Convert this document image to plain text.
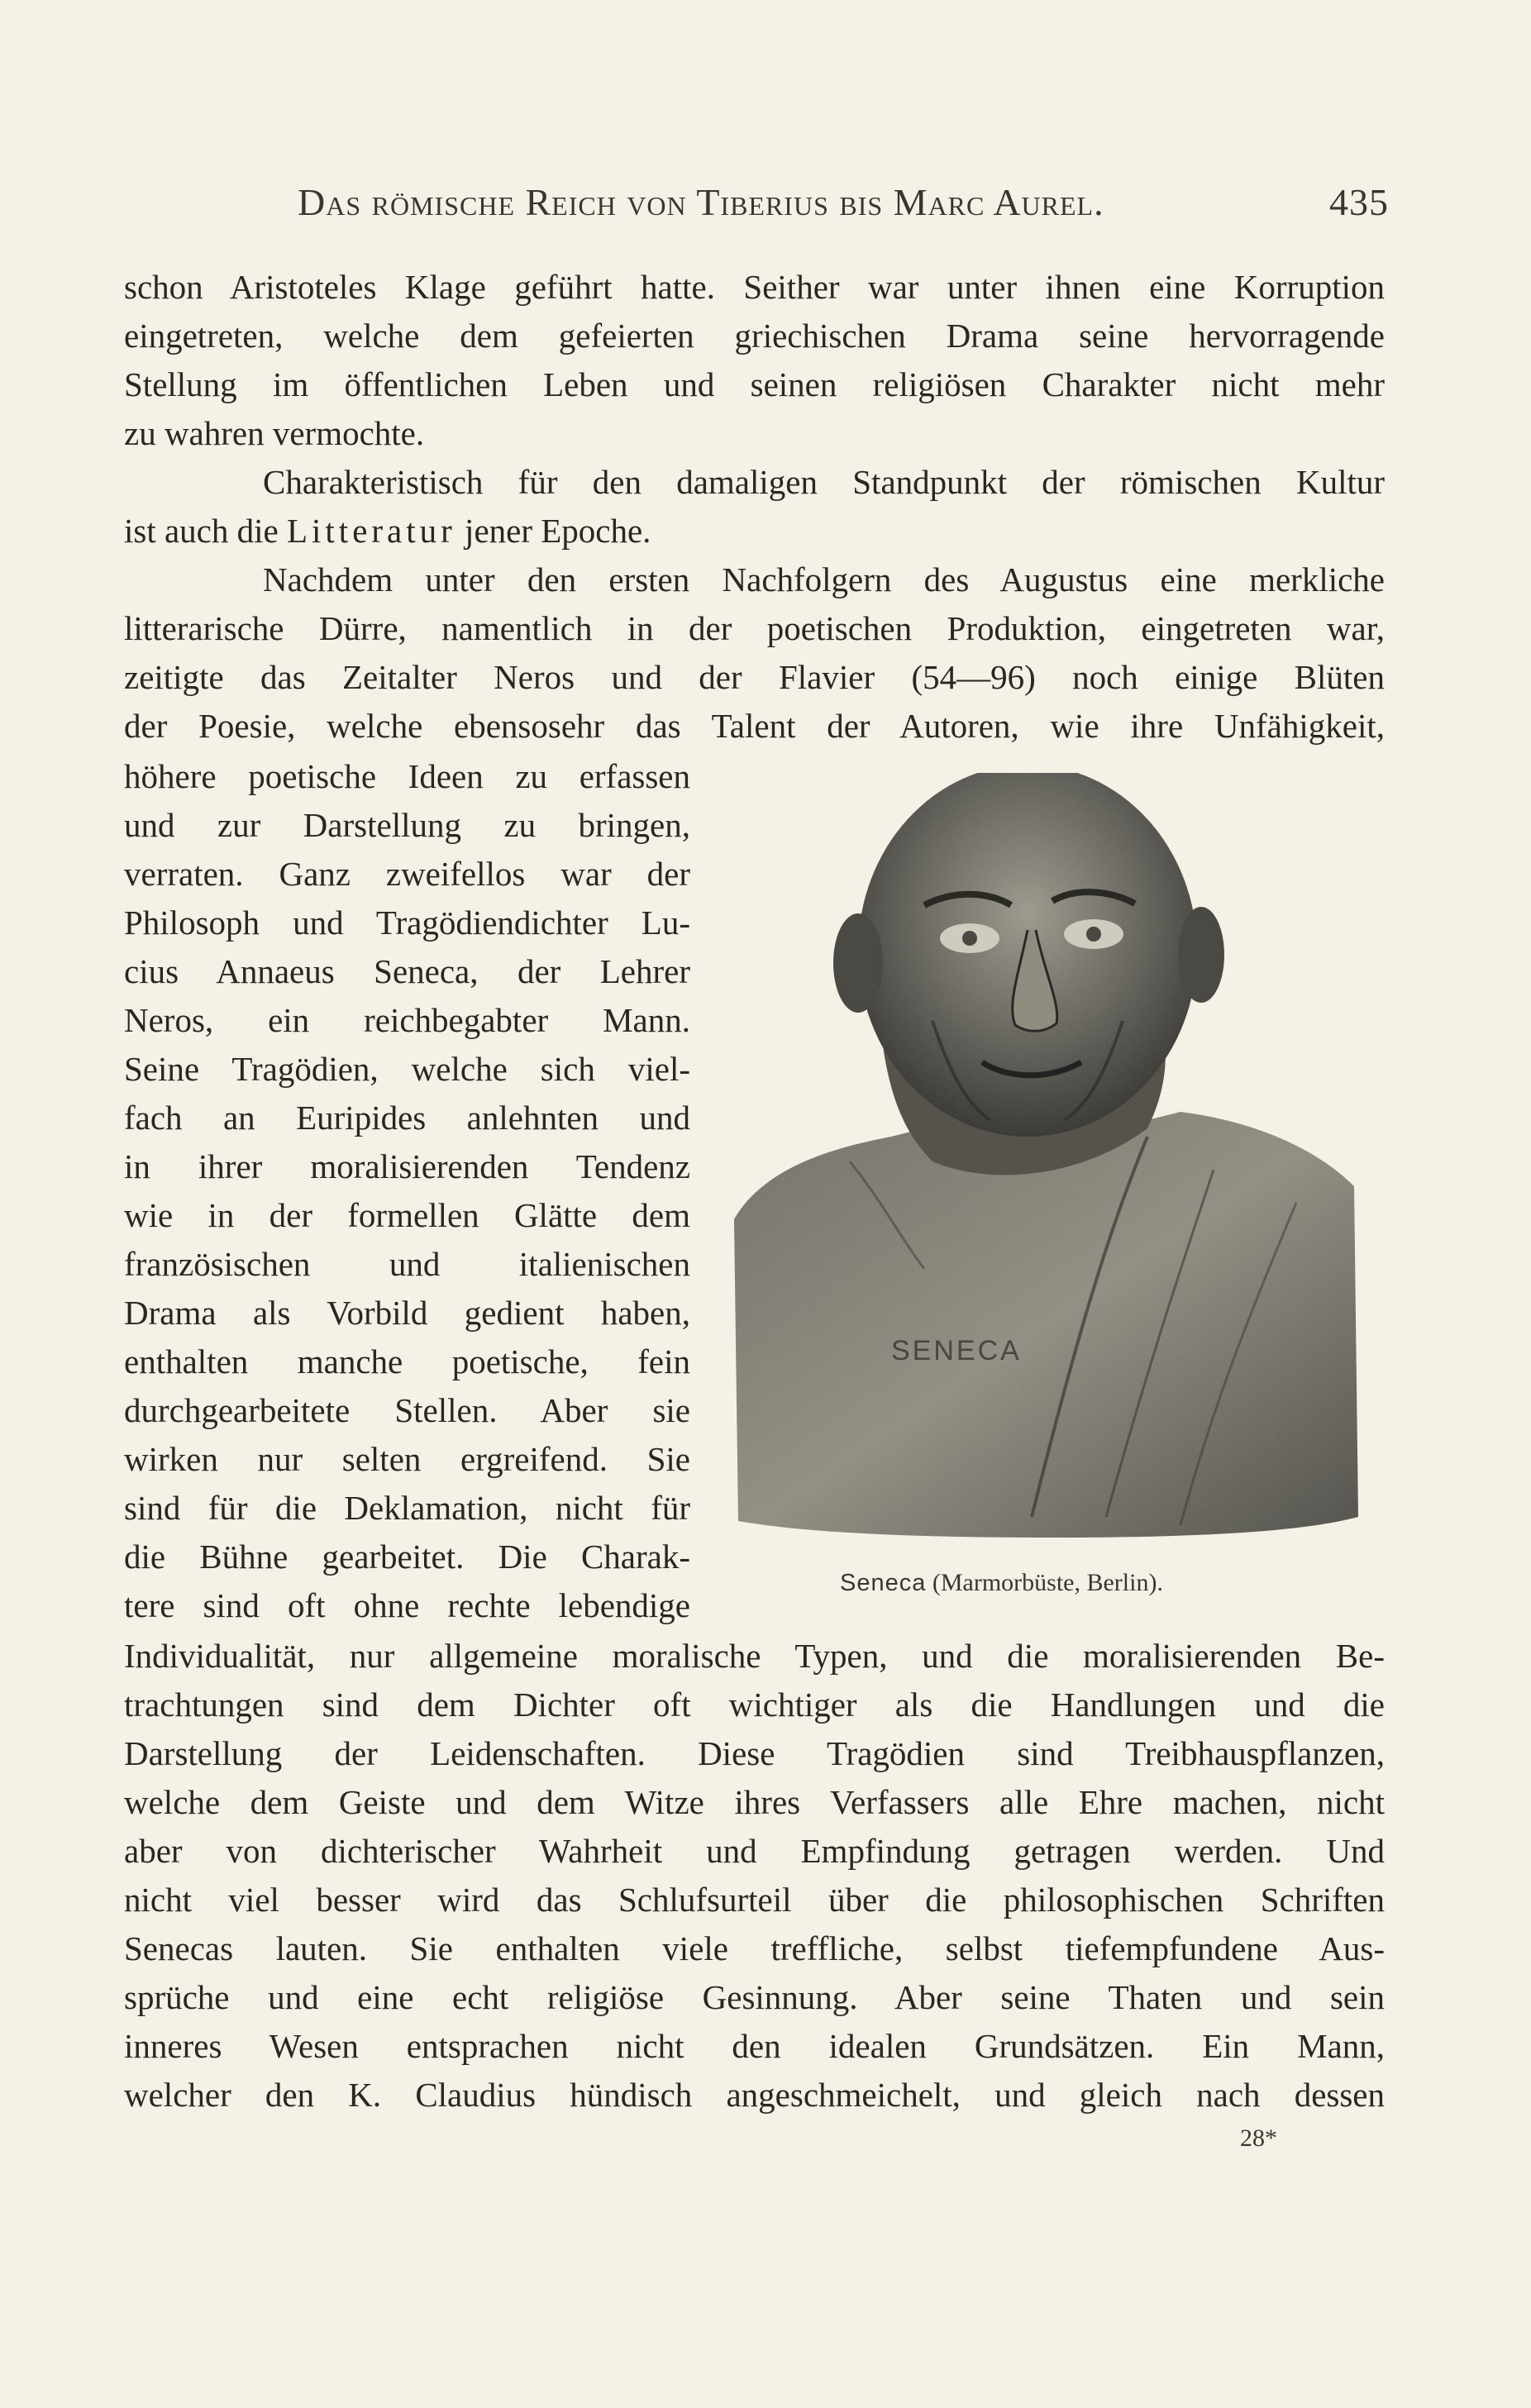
Das römische Reich von Tiberius bis Marc Aurel.	435
schon Aristoteles Klage geführt hatte. Seither war unter ihnen eine Korruption
eingetreten, welche dem gefeierten griechischen Drama seine hervorragende
Stellung im öffentlichen Leben und seinen religiösen Charakter nicht mehr
zu wahren vermochte.
Charakteristisch für den damaligen Standpunkt der römischen Kultur
ist auch die Litteratur jener Epoche.
Nachdem unter den ersten Nachfolgern des Augustus eine merkliche
litterarische Dürre, namentlich in der poetischen Produktion, eingetreten war,
zeitigte das Zeitalter Neros und der Flavier (54—96) noch einige Blüten
der Poesie, welche ebensosehr das Talent der Autoren, wie ihre Unfähigkeit,
höhere poetische Ideen zu erfassen
und zur Darstellung zu bringen,
verraten. Ganz zweifellos war der
Philosoph und Tragödiendichter Lu-
cius Annaeus Seneca, der Lehrer
Neros, ein reichbegabter Mann.
Seine Tragödien, welche sich viel-
fach an Euripides anlehnten und
in ihrer moralisierenden Tendenz
wie in der formellen Glätte dem
französischen und italienischen
Drama als Vorbild gedient haben,
enthalten manche poetische, fein
durchgearbeitete Stellen. Aber sie
wirken nur selten ergreifend. Sie
sind für die Deklamation, nicht für
die Bühne gearbeitet. Die Charak-
tere sind oft ohne rechte lebendige
SENECA
Seneca (Marmorbüste, Berlin).
Individualität, nur allgemeine moralische Typen, und die moralisierenden Be-
trachtungen sind dem Dichter oft wichtiger als die Handlungen und die
Darstellung der Leidenschaften. Diese Tragödien sind Treibhauspflanzen,
welche dem Geiste und dem Witze ihres Verfassers alle Ehre machen, nicht
aber von dichterischer Wahrheit und Empfindung getragen werden. Und
nicht viel besser wird das Schlufsurteil über die philosophischen Schriften
Senecas lauten. Sie enthalten viele treffliche, selbst tiefempfundene Aus-
sprüche und eine echt religiöse Gesinnung. Aber seine Thaten und sein
inneres Wesen entsprachen nicht den idealen Grundsätzen. Ein Mann,
welcher den K. Claudius hündisch angeschmeichelt, und gleich nach dessen
28*
